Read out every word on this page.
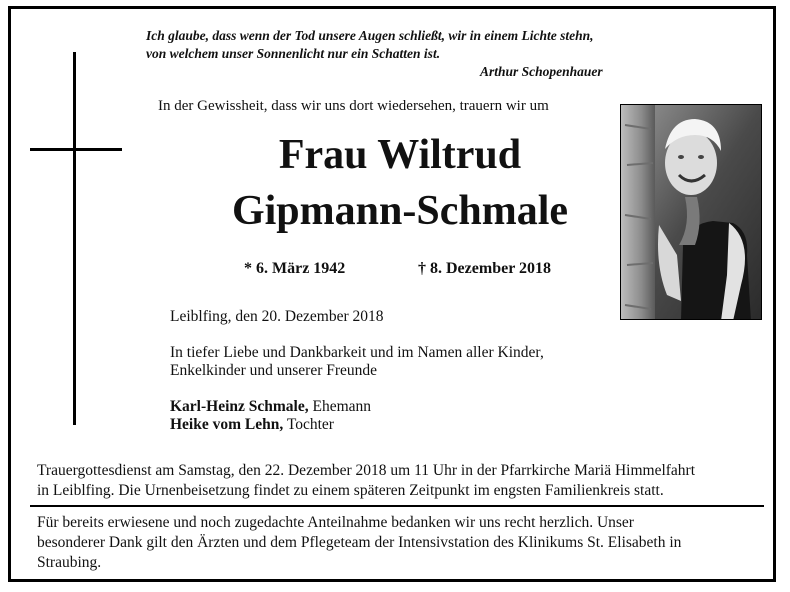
Ich glaube, dass wenn der Tod unsere Augen schließt, wir in einem Lichte stehn,
von welchem unser Sonnenlicht nur ein Schatten ist.
Arthur Schopenhauer
In der Gewissheit, dass wir uns dort wiedersehen, trauern wir um
Frau Wiltrud
Gipmann-Schmale
* 6. März 1942	† 8. Dezember 2018
Leiblfing, den 20. Dezember 2018
In tiefer Liebe und Dankbarkeit und im Namen aller Kinder,
Enkelkinder und unserer Freunde
Karl-Heinz Schmale, Ehemann
Heike vom Lehn, Tochter
Trauergottesdienst am Samstag, den 22. Dezember 2018 um 11 Uhr in der Pfarrkirche Mariä Himmelfahrt
in Leiblfing. Die Urnenbeisetzung findet zu einem späteren Zeitpunkt im engsten Familienkreis statt.
Für bereits erwiesene und noch zugedachte Anteilnahme bedanken wir uns recht herzlich. Unser
besonderer Dank gilt den Ärzten und dem Pflegeteam der Intensivstation des Klinikums St. Elisabeth in
Straubing.
